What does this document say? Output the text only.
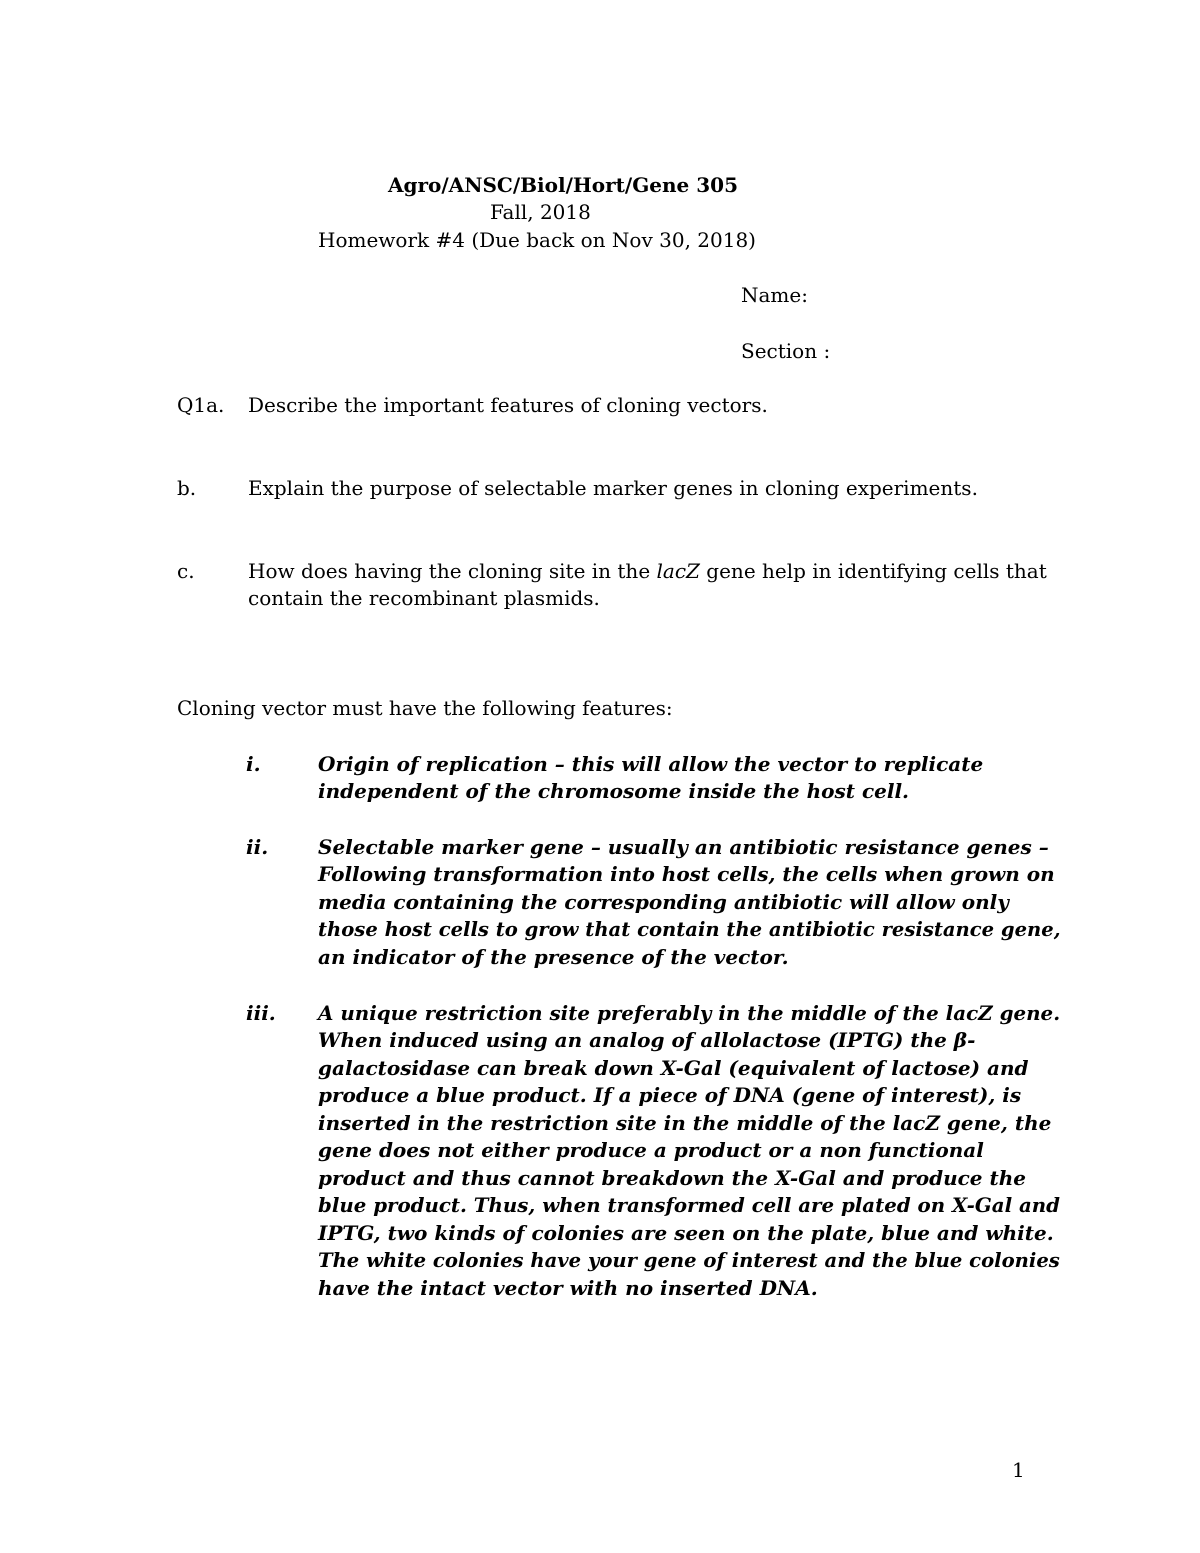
Agro/ANSC/Biol/Hort/Gene 305
Fall, 2018
Homework #4 (Due back on Nov 30, 2018)
Name:
Section :
Q1a. Describe the important features of cloning vectors.
b.	Explain the purpose of selectable marker genes in cloning experiments.
c.	How does having the cloning site in the lacZ gene help in identifying cells that
contain the recombinant plasmids.
Cloning vector must have the following features:
i.	Origin of replication – this will allow the vector to replicate
independent of the chromosome inside the host cell.
ii. Selectable marker gene – usually an antibiotic resistance genes –
Following transformation into host cells, the cells when grown on
media containing the corresponding antibiotic will allow only
those host cells to grow that contain the antibiotic resistance gene,
an indicator of the presence of the vector.
iii. A unique restriction site preferably in the middle of the lacZ gene.
When induced using an analog of allolactose (IPTG) the β-
galactosidase can break down X-Gal (equivalent of lactose) and
produce a blue product. If a piece of DNA (gene of interest), is
inserted in the restriction site in the middle of the lacZ gene, the
gene does not either produce a product or a non functional
product and thus cannot breakdown the X-Gal and produce the
blue product. Thus, when transformed cell are plated on X-Gal and
IPTG, two kinds of colonies are seen on the plate, blue and white.
The white colonies have your gene of interest and the blue colonies
have the intact vector with no inserted DNA.
1
